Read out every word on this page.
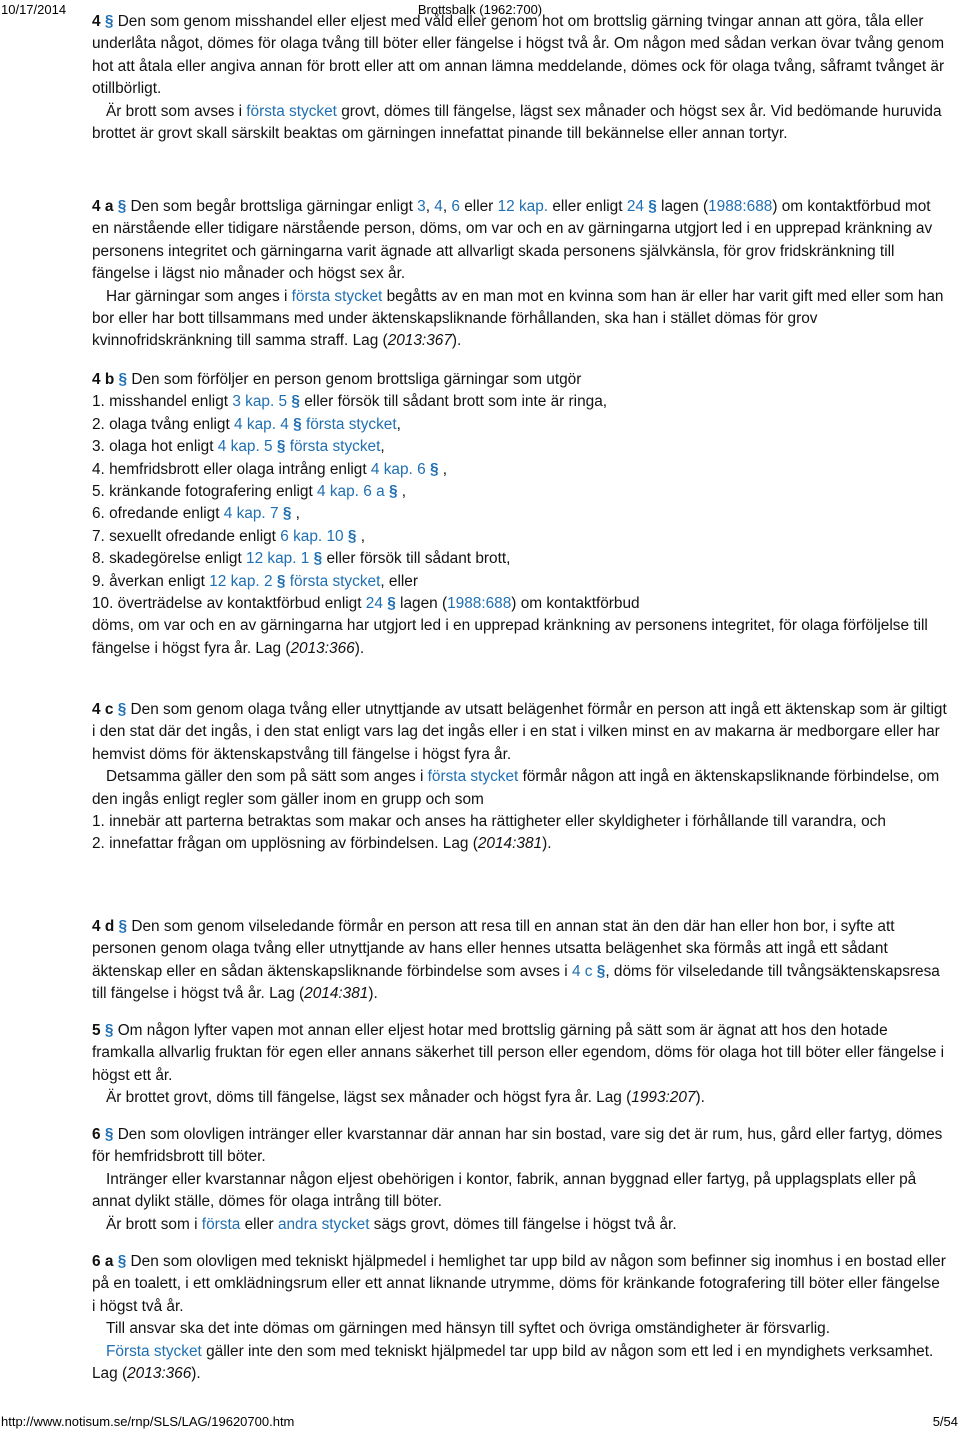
10/17/2014	Brottsbalk (1962:700)

4 § Den som genom misshandel eller eljest med våld eller genom hot om brottslig gärning tvingar annan att göra, tåla eller underlåta något, dömes för olaga tvång till böter eller fängelse i högst två år. Om någon med sådan verkan övar tvång genom hot att åtala eller angiva annan för brott eller att om annan lämna meddelande, dömes ock för olaga tvång, såframt tvånget är otillbörligt.

Är brott som avses i första stycket grovt, dömes till fängelse, lägst sex månader och högst sex år. Vid bedömande huruvida brottet är grovt skall särskilt beaktas om gärningen innefattat pinande till bekännelse eller annan tortyr.

4 a § Den som begår brottsliga gärningar enligt 3, 4, 6 eller 12 kap. eller enligt 24 § lagen (1988:688) om kontaktförbud mot en närstående eller tidigare närstående person, döms, om var och en av gärningarna utgjort led i en upprepad kränkning av personens integritet och gärningarna varit ägnade att allvarligt skada personens självkänsla, för grov fridskränkning till fängelse i lägst nio månader och högst sex år.

Har gärningar som anges i första stycket begåtts av en man mot en kvinna som han är eller har varit gift med eller som han bor eller har bott tillsammans med under äktenskapsliknande förhållanden, ska han i stället dömas för grov kvinnofridskränkning till samma straff. Lag (2013:367).

4 b § Den som förföljer en person genom brottsliga gärningar som utgör

1. misshandel enligt 3 kap. 5 § eller försök till sådant brott som inte är ringa,

2. olaga tvång enligt 4 kap. 4 § första stycket,

3. olaga hot enligt 4 kap. 5 § första stycket,

4. hemfridsbrott eller olaga intrång enligt 4 kap. 6 § ,

5. kränkande fotografering enligt 4 kap. 6 a § ,

6. ofredande enligt 4 kap. 7 § ,

7. sexuellt ofredande enligt 6 kap. 10 § ,

8. skadegörelse enligt 12 kap. 1 § eller försök till sådant brott,

9. åverkan enligt 12 kap. 2 § första stycket, eller

10. överträdelse av kontaktförbud enligt 24 § lagen (1988:688) om kontaktförbud

döms, om var och en av gärningarna har utgjort led i en upprepad kränkning av personens integritet, för olaga förföljelse till fängelse i högst fyra år. Lag (2013:366).

4 c § Den som genom olaga tvång eller utnyttjande av utsatt belägenhet förmår en person att ingå ett äktenskap som är giltigt i den stat där det ingås, i den stat enligt vars lag det ingås eller i en stat i vilken minst en av makarna är medborgare eller har hemvist döms för äktenskapstvång till fängelse i högst fyra år.

Detsamma gäller den som på sätt som anges i första stycket förmår någon att ingå en äktenskapsliknande förbindelse, om den ingås enligt regler som gäller inom en grupp och som

1. innebär att parterna betraktas som makar och anses ha rättigheter eller skyldigheter i förhållande till varandra, och

2. innefattar frågan om upplösning av förbindelsen. Lag (2014:381).

4 d § Den som genom vilseledande förmår en person att resa till en annan stat än den där han eller hon bor, i syfte att personen genom olaga tvång eller utnyttjande av hans eller hennes utsatta belägenhet ska förmås att ingå ett sådant äktenskap eller en sådan äktenskapsliknande förbindelse som avses i 4 c §, döms för vilseledande till tvångsäktenskapsresa till fängelse i högst två år. Lag (2014:381).

5 § Om någon lyfter vapen mot annan eller eljest hotar med brottslig gärning på sätt som är ägnat att hos den hotade framkalla allvarlig fruktan för egen eller annans säkerhet till person eller egendom, döms för olaga hot till böter eller fängelse i högst ett år.

Är brottet grovt, döms till fängelse, lägst sex månader och högst fyra år. Lag (1993:207).

6 § Den som olovligen intränger eller kvarstannar där annan har sin bostad, vare sig det är rum, hus, gård eller fartyg, dömes för hemfridsbrott till böter.

Intränger eller kvarstannar någon eljest obehörigen i kontor, fabrik, annan byggnad eller fartyg, på upplagsplats eller på annat dylikt ställe, dömes för olaga intrång till böter.

Är brott som i första eller andra stycket sägs grovt, dömes till fängelse i högst två år.

6 a § Den som olovligen med tekniskt hjälpmedel i hemlighet tar upp bild av någon som befinner sig inomhus i en bostad eller på en toalett, i ett omklädningsrum eller ett annat liknande utrymme, döms för kränkande fotografering till böter eller fängelse i högst två år.

Till ansvar ska det inte dömas om gärningen med hänsyn till syftet och övriga omständigheter är försvarlig.

Första stycket gäller inte den som med tekniskt hjälpmedel tar upp bild av någon som ett led i en myndighets verksamhet. Lag (2013:366).

http://www.notisum.se/rnp/SLS/LAG/19620700.htm	5/54
